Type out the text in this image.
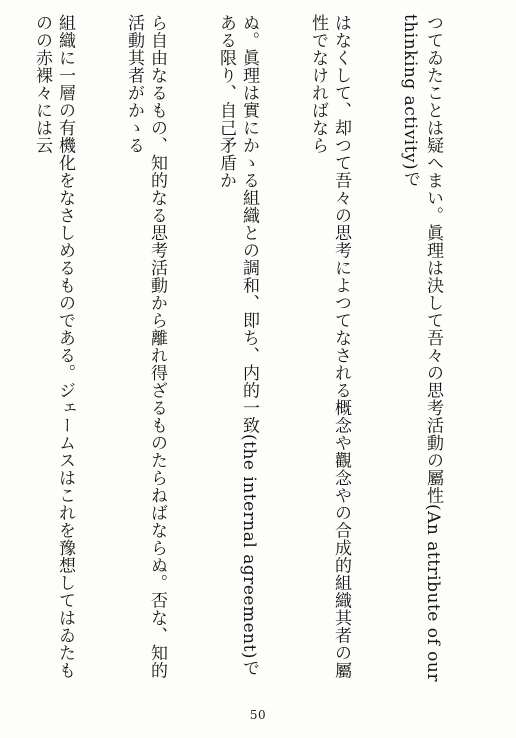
つてゐたことは疑へまい。眞理は決して吾々の思考活動の屬性(An attribute of our thinking activity)で

はなくして、却つて吾々の思考によつてなされる概念や觀念やの合成的組織其者の屬性でなければなら

ぬ。眞理は實にかゝる組織との調和、即ち、内的一致(the internal agreement)である限り、自己矛盾か

ら自由なるもの、知的なる思考活動から離れ得ざるものたらねばならぬ。否な、知的活動其者がかゝる

組織に一層の有機化をなさしめるものである。ジェームスはこれを豫想してはゐたものの赤裸々には云

50
